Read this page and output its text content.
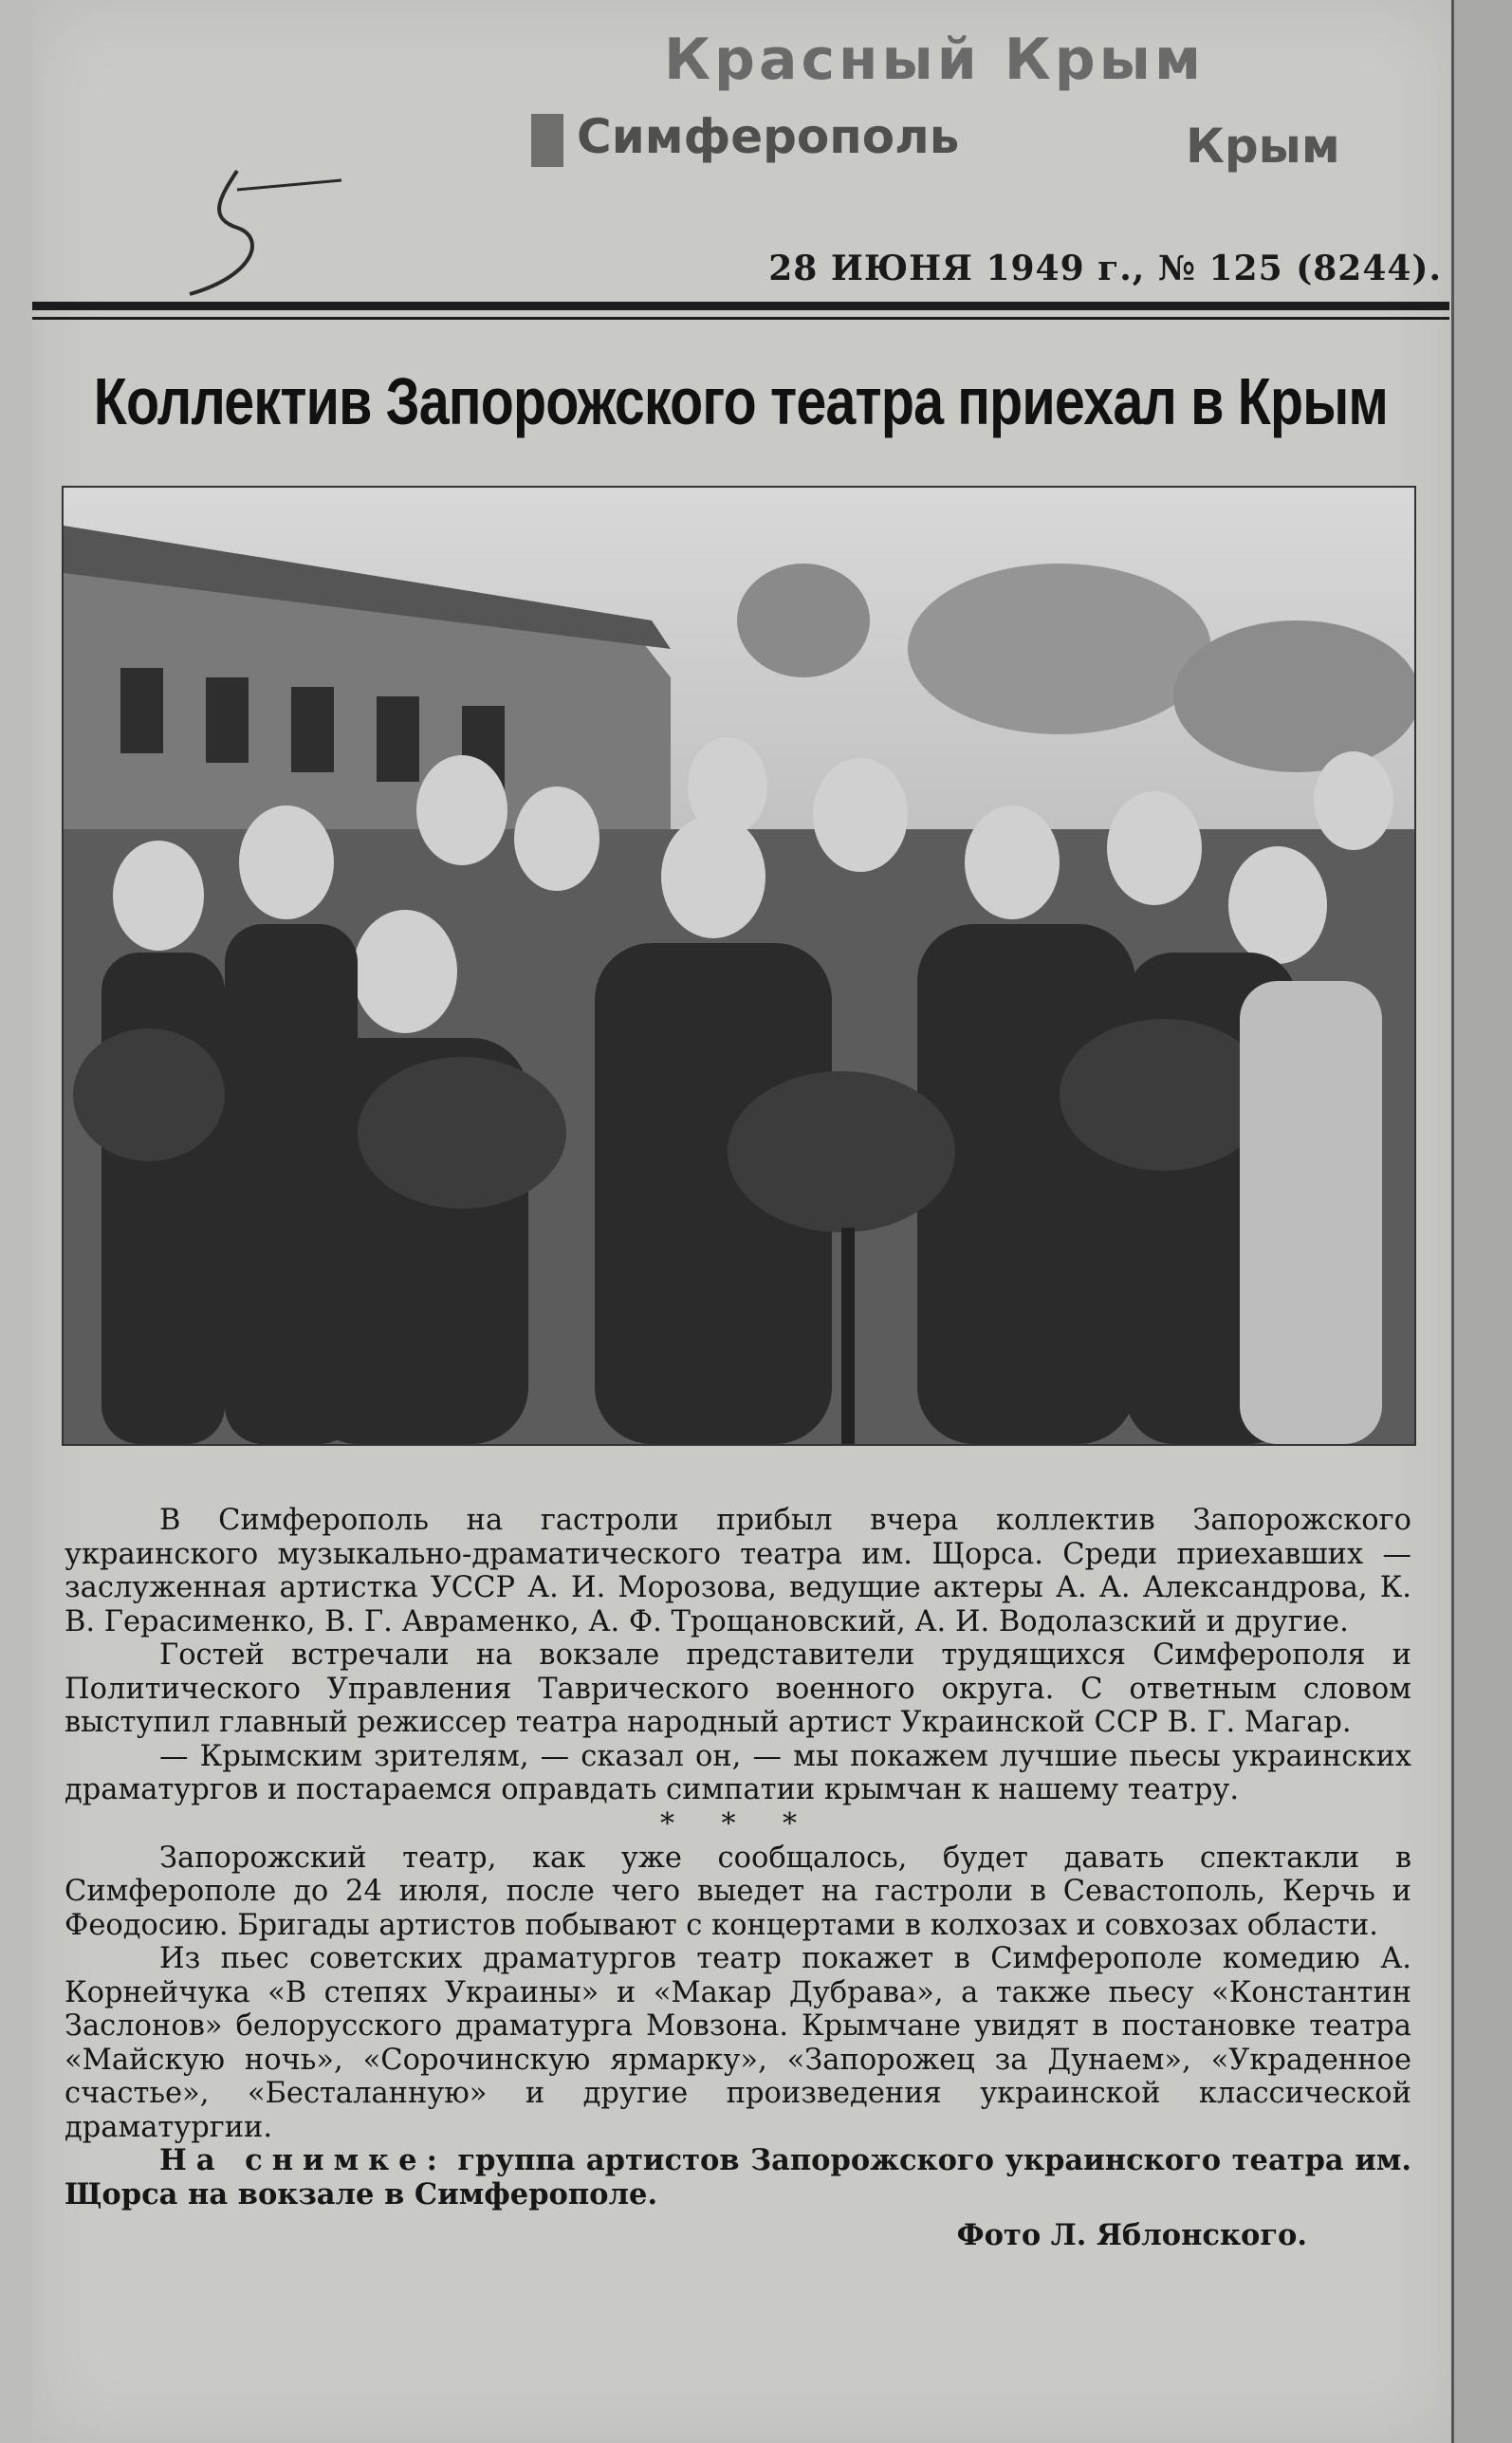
Красный Крым
Симферополь	Крым
28 ИЮНЯ 1949 г., № 125 (8244).
Коллектив Запорожского театра приехал в Крым

В Симферополь на гастроли прибыл вчера коллектив Запорожского украинского музыкально-драматического театра им. Щорса. Среди приехавших — заслуженная артистка УССР А. И. Морозова, ведущие актеры А. А. Александрова, К. В. Герасименко, В. Г. Авраменко, А. Ф. Трощановский, А. И. Водолазский и другие.

Гостей встречали на вокзале представители трудящихся Симферополя и Политического Управления Таврического военного округа. С ответным словом выступил главный режиссер театра народный артист Украинской ССР В. Г. Магар.

— Крымским зрителям, — сказал он, — мы покажем лучшие пьесы украинских драматургов и постараемся оправдать симпатии крымчан к нашему театру.

* * *

Запорожский театр, как уже сообщалось, будет давать спектакли в Симферополе до 24 июля, после чего выедет на гастроли в Севастополь, Керчь и Феодосию. Бригады артистов побывают с концертами в колхозах и совхозах области.

Из пьес советских драматургов театр покажет в Симферополе комедию А. Корнейчука «В степях Украины» и «Макар Дубрава», а также пьесу «Константин Заслонов» белорусского драматурга Мовзона. Крымчане увидят в постановке театра «Майскую ночь», «Сорочинскую ярмарку», «Запорожец за Дунаем», «Украденное счастье», «Бесталанную» и другие произведения украинской классической драматургии.

На снимке: группа артистов Запорожского украинского театра им. Щорса на вокзале в Симферополе.

Фото Л. Яблонского.
